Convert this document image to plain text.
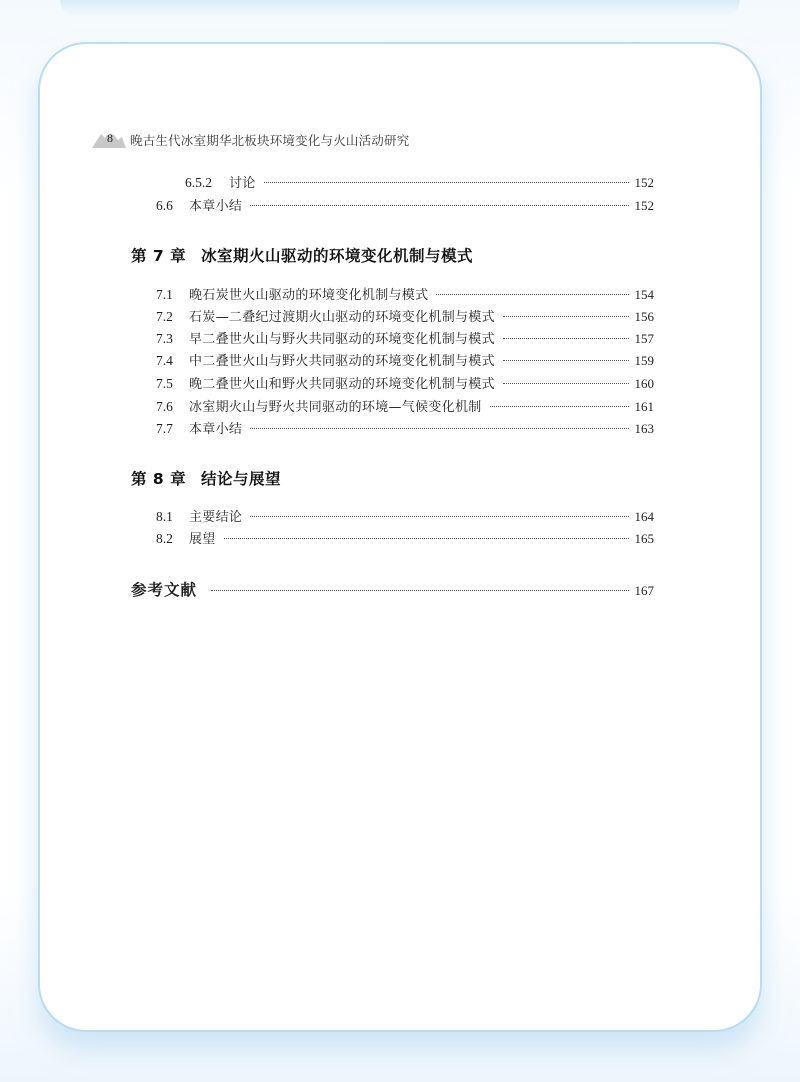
8 晚古生代冰室期华北板块环境变化与火山活动研究
6.5.2	讨论	152
6.6	本章小结	152
第 7 章 冰室期火山驱动的环境变化机制与模式
7.1	晚石炭世火山驱动的环境变化机制与模式	154
7.2	石炭—二叠纪过渡期火山驱动的环境变化机制与模式	156
7.3	早二叠世火山与野火共同驱动的环境变化机制与模式	157
7.4	中二叠世火山与野火共同驱动的环境变化机制与模式	159
7.5	晚二叠世火山和野火共同驱动的环境变化机制与模式	160
7.6	冰室期火山与野火共同驱动的环境—气候变化机制	161
7.7	本章小结	163
第 8 章 结论与展望
8.1	主要结论	164
8.2	展望	165
参考文献	167
